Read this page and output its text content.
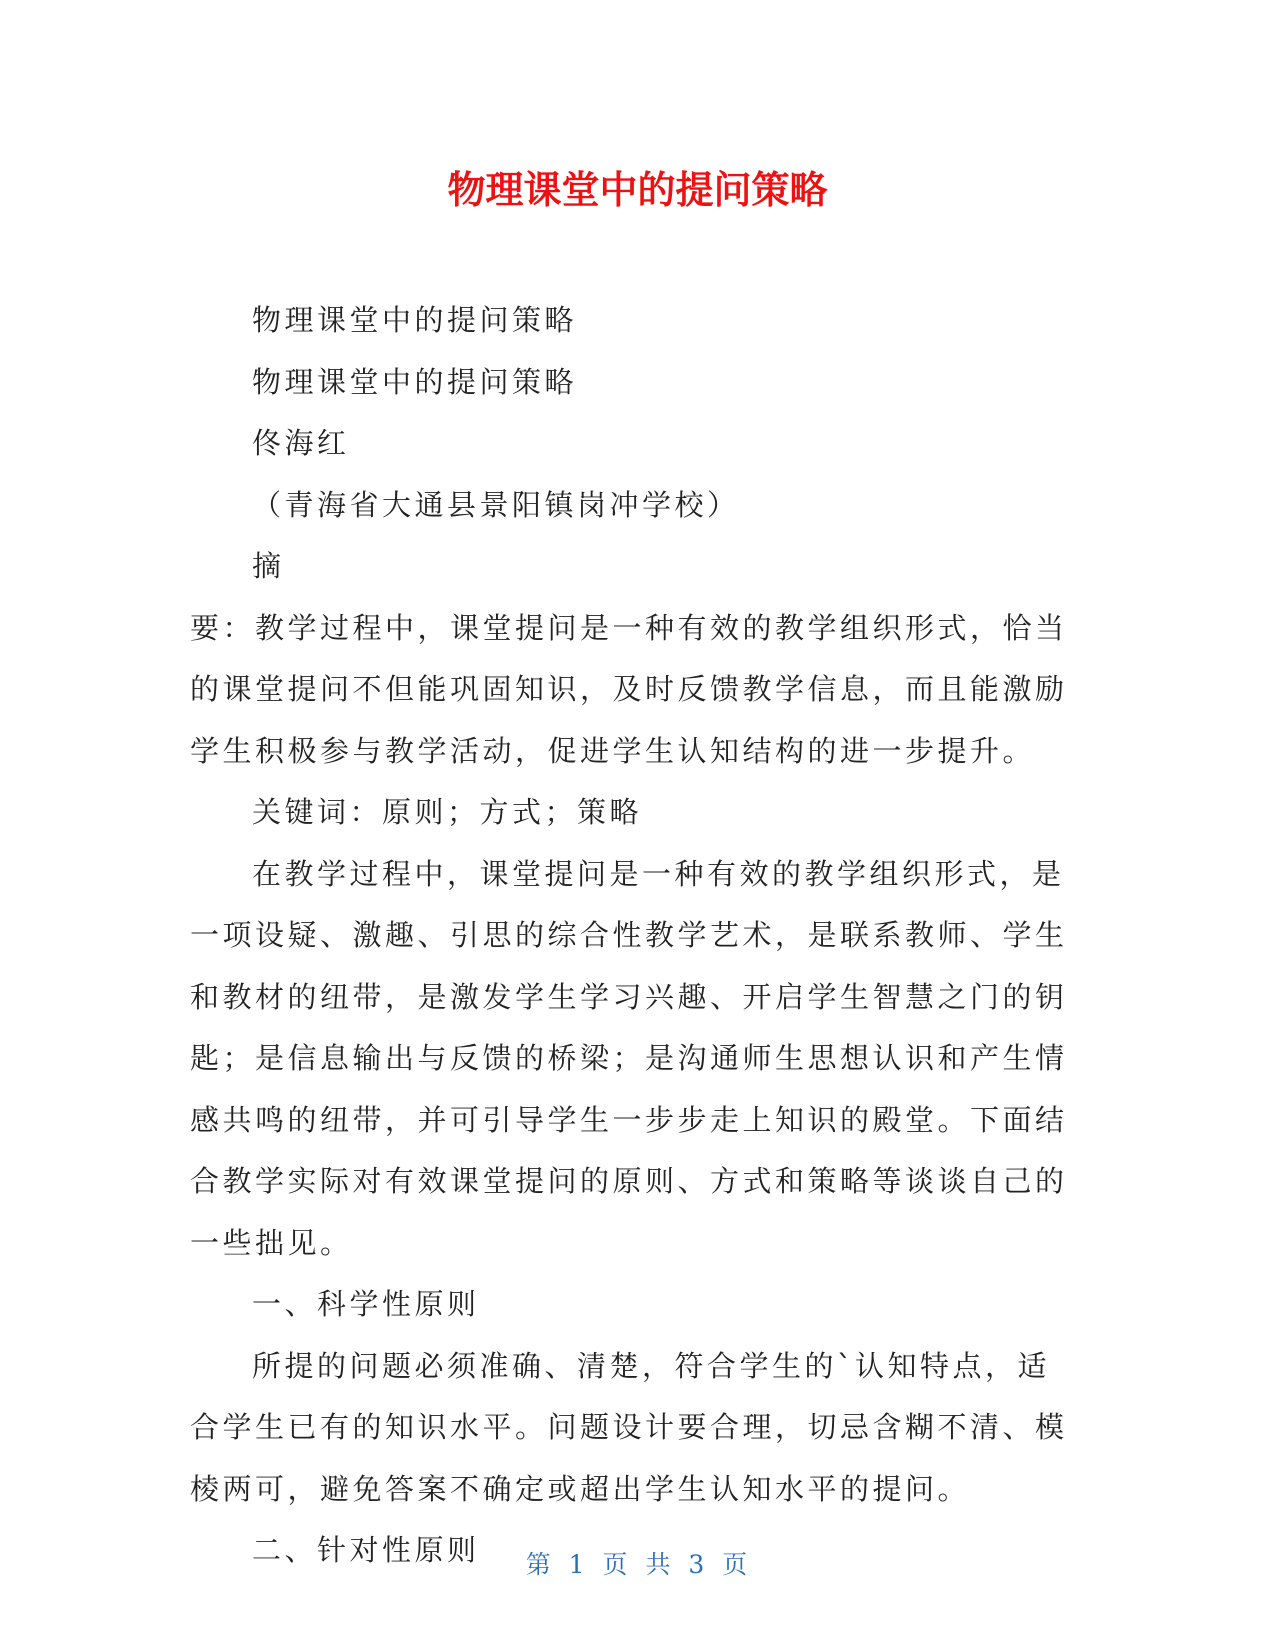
物理课堂中的提问策略

物理课堂中的提问策略

物理课堂中的提问策略

佟海红

（青海省大通县景阳镇岗冲学校）

摘

要：教学过程中，课堂提问是一种有效的教学组织形式，恰当的课堂提问不但能巩固知识，及时反馈教学信息，而且能激励学生积极参与教学活动，促进学生认知结构的进一步提升。

关键词：原则；方式；策略

在教学过程中，课堂提问是一种有效的教学组织形式，是一项设疑、激趣、引思的综合性教学艺术，是联系教师、学生和教材的纽带，是激发学生学习兴趣、开启学生智慧之门的钥匙；是信息输出与反馈的桥梁；是沟通师生思想认识和产生情感共鸣的纽带，并可引导学生一步步走上知识的殿堂。下面结合教学实际对有效课堂提问的原则、方式和策略等谈谈自己的一些拙见。

一、科学性原则

所提的问题必须准确、清楚，符合学生的`认知特点，适合学生已有的知识水平。问题设计要合理，切忌含糊不清、模棱两可，避免答案不确定或超出学生认知水平的提问。

二、针对性原则	第 1 页 共 3 页
